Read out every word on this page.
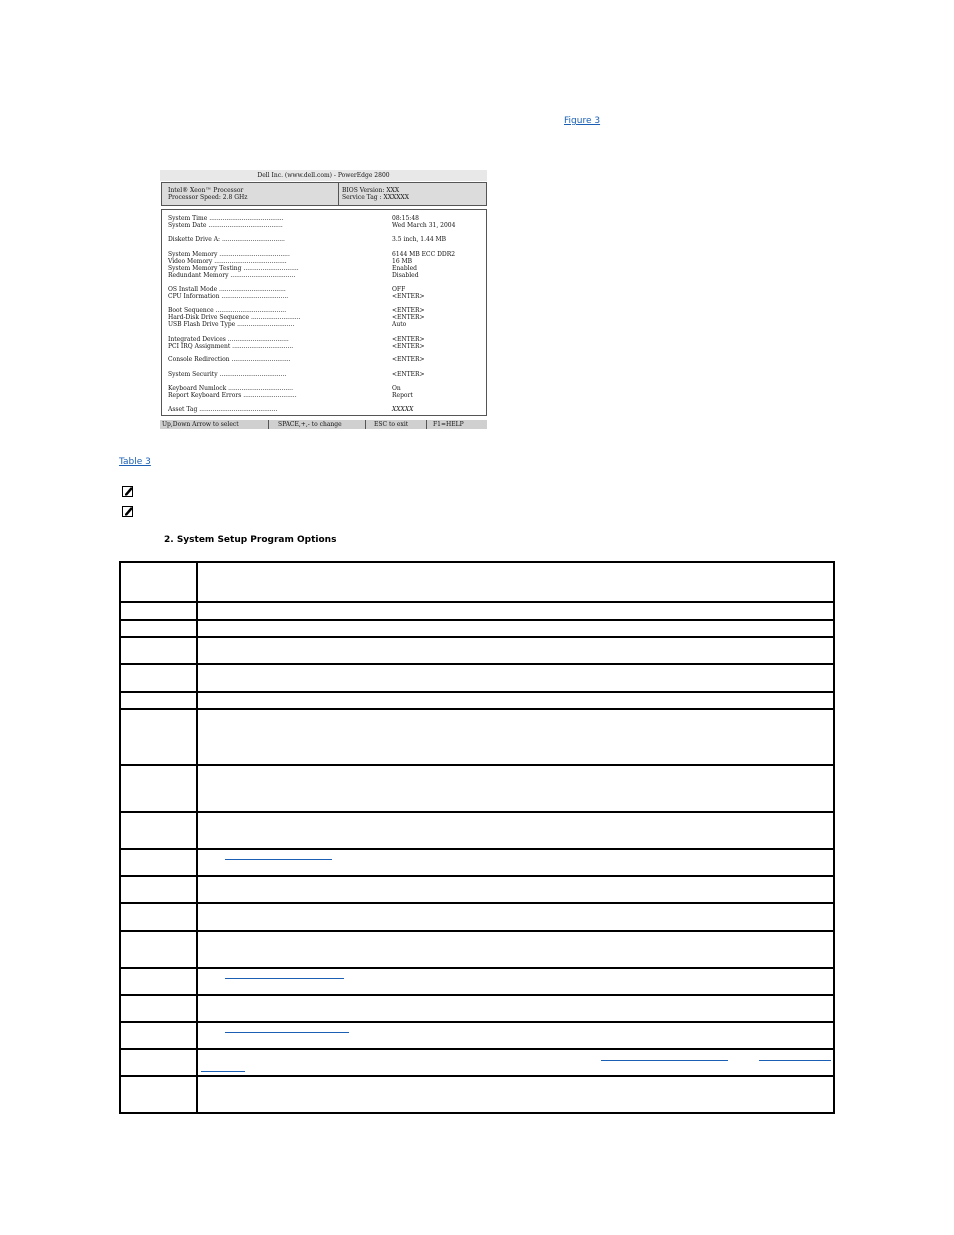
Figure 3
Dell Inc. (www.dell.com) - PowerEdge 2800
Intel® Xeon™ Processor
Processor Speed: 2.8 GHz
BIOS Version: XXX
Service Tag : XXXXXX
System Time .......................................	08:15:48
System Date .......................................	Wed March 31, 2004
Diskette Drive A: .................................	3.5 inch, 1.44 MB
System Memory .....................................	6144 MB ECC DDR2
Video Memory ......................................	16 MB
System Memory Testing .............................	Enabled
Redundant Memory ..................................	Disabled
OS Install Mode ...................................	OFF
CPU Information ...................................	<ENTER>
Boot Sequence .....................................	<ENTER>
Hard-Disk Drive Sequence ..........................	<ENTER>
USB Flash Drive Type ..............................	Auto
Integrated Devices ................................	<ENTER>
PCI IRQ Assignment ................................	<ENTER>
Console Redirection ...............................	<ENTER>
System Security ...................................	<ENTER>
Keyboard Numlock ..................................	On
Report Keyboard Errors ............................	Report
Asset Tag .........................................	XXXXX
Up,Down Arrow to select	SPACE,+,- to change	ESC to exit	F1=HELP
Table 3
2. System Setup Program Options
